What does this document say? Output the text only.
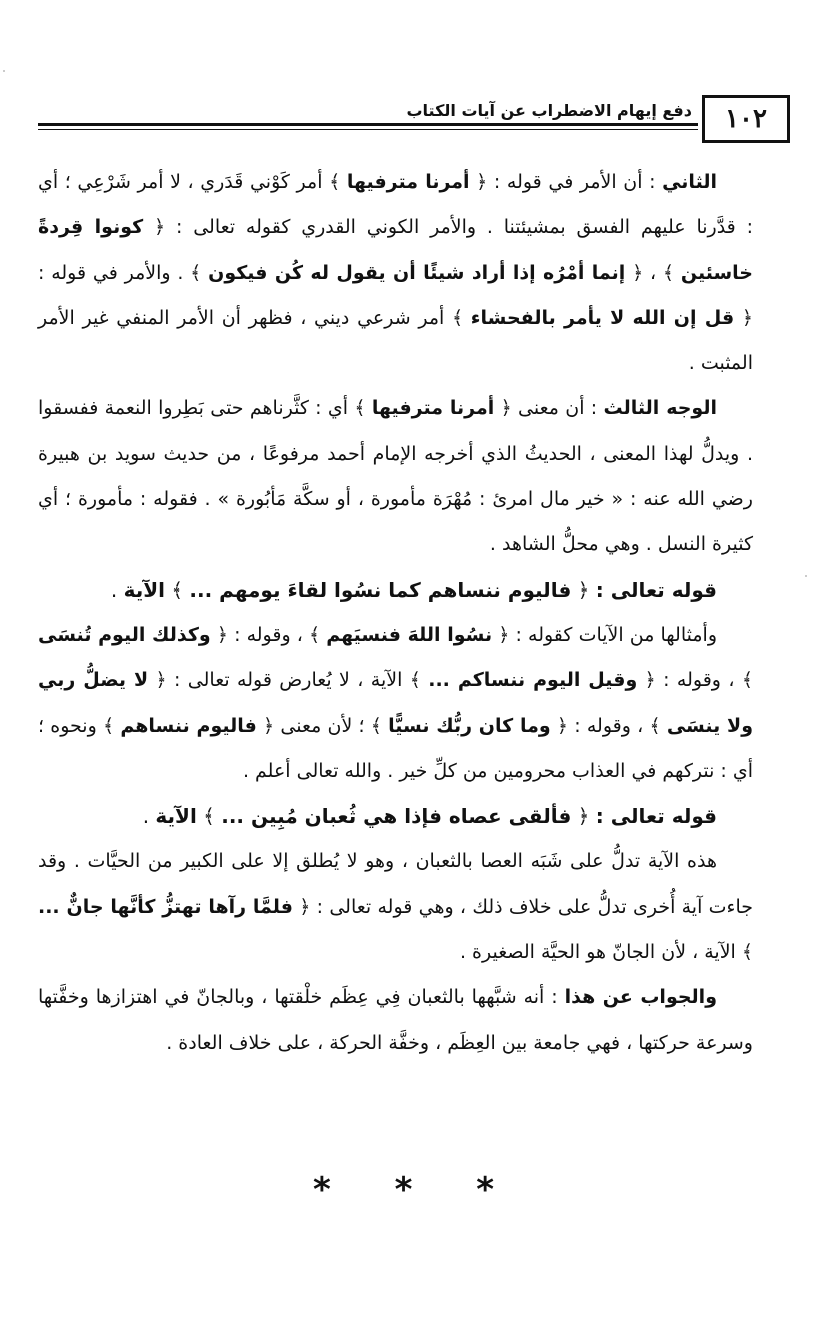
١٠٢
دفع إيهام الاضطراب عن آيات الكتاب

الثاني : أن الأمر في قوله : ﴿ أمرنا مترفيها ﴾ أمر كَوْني قَدَري ، لا أمر شَرْعِي ؛ أي : قدَّرنا عليهم الفسق بمشيئتنا . والأمر الكوني القدري كقوله تعالى : ﴿ كونوا قِردةً خاسئين ﴾ ، ﴿ إنما أمْرُه إذا أراد شيئًا أن يقول له كُن فيكون ﴾ . والأمر في قوله : ﴿ قل إن الله لا يأمر بالفحشاء ﴾ أمر شرعي ديني ، فظهر أن الأمر المنفي غير الأمر المثبت .

الوجه الثالث : أن معنى ﴿ أمرنا مترفيها ﴾ أي : كثَّرناهم حتى بَطِروا النعمة ففسقوا . ويدلُّ لهذا المعنى ، الحديثُ الذي أخرجه الإمام أحمد مرفوعًا ، من حديث سويد بن هبيرة رضي الله عنه : « خير مال امرئ : مُهْرَة مأمورة ، أو سكَّة مَأبُورة » . فقوله : مأمورة ؛ أي كثيرة النسل . وهي محلُّ الشاهد .

قوله تعالى : ﴿ فاليوم ننساهم كما نسُوا لقاءَ يومهم ... ﴾ الآية .

وأمثالها من الآيات كقوله : ﴿ نسُوا اللهَ فنسيَهم ﴾ ، وقوله : ﴿ وكذلك اليوم تُنسَى ﴾ ، وقوله : ﴿ وقيل اليوم ننساكم ... ﴾ الآية ، لا يُعارض قوله تعالى : ﴿ لا يضلُّ ربي ولا ينسَى ﴾ ، وقوله : ﴿ وما كان ربُّك نسيًّا ﴾ ؛ لأن معنى ﴿ فاليوم ننساهم ﴾ ونحوه ؛ أي : نتركهم في العذاب محرومين من كلِّ خير . والله تعالى أعلم .

قوله تعالى : ﴿ فألقى عصاه فإذا هي ثُعبان مُبِين ... ﴾ الآية .

هذه الآية تدلُّ على شَبَه العصا بالثعبان ، وهو لا يُطلق إلا على الكبير من الحيَّات . وقد جاءت آية أُخرى تدلُّ على خلاف ذلك ، وهي قوله تعالى : ﴿ فلمَّا رآها تهتزُّ كأنَّها جانٌّ ... ﴾ الآية ، لأن الجانّ هو الحيَّة الصغيرة .

والجواب عن هذا : أنه شبَّهها بالثعبان فِي عِظَم خلْقتها ، وبالجانّ في اهتزازها وخفَّتها وسرعة حركتها ، فهي جامعة بين العِظَم ، وخفَّة الحركة ، على خلاف العادة .

* * *
